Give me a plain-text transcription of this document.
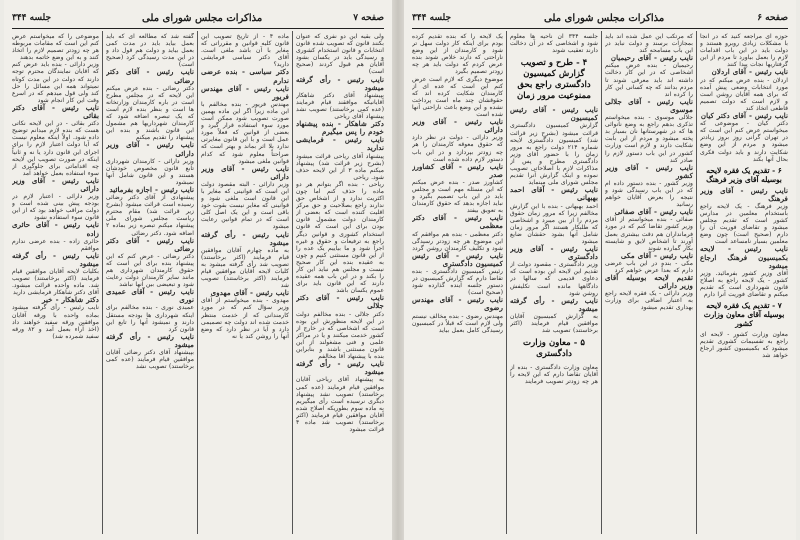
صفحه ۷
مذاکرات مجلس شورای ملی
جلسه ۳۴۴
ولی بقیه این دو نفری که عنوان بکنند قانون که تصویب شده قانون انتخابات و قانون استخدام کشوری و رسیدگی باید در یکسان بشود آقایان هم قبول کردند (صحیح است)
نایب رئیس - رأی گرفته میشود
بپیشنهاد آقای دکتر شاهکار آقایانیکه موافقند قیام فرمایند (عده کمی برخاستند) تصویب نشد پیشنهاد آقای ریاحی
دکتر شاهکار - بنده پیشنهاد خودم را پس میگیرم
نایب رئیس - فرمایشی ندارید
پیشنهاد آقای ریاحی قرائت میشود (بشرح زیر قرائت شد) پیشنهاد میکنم ماده ۳ از این لایحه حذف شود. ریاحی
ریاحی - بنده اگر بتوانم هر دو ماده را حذف کنم اما چون اکثریت ندارد و از اشخاص حق ندارند راجع بصلاحیت و حق مرکز اقلیت کننده است که بعضی از کارمندان دولت مشمول قانون بودن برای این است که قانون استخدام کشوری و قوانین دیگر راجع به ترفیعات و حقوق و غیره اجرا شود و ما بیاییم یک عده را از این قانون مستثنی کنیم و چون به عقیده بنده این کار صحیح نیست و مجلس هم نباید این کار را بکند و در این باب همه عقیده دارند که این قانون باید برای عموم یکسان باشد
نایب رئیس - آقای دکتر جلالی
دکتر جلالی - بنده مخالفم دولت در این لایحه منظورش این بوده است که اشخاصی که در خارج از کشور خدمت میکنند و یا در مراکز علمی و فنی مشغولند از این قانون مستثنی باشند و بنابراین بنده با پیشنهاد آقا مخالفم
نایب رئیس - رأی گرفته میشود
به پیشنهاد آقای ریاحی آقایان موافقین قیام فرمایند (عده کمی برخاستند) تصویب نشد پیشنهاد دیگری نرسیده است رأی میگیریم به ماده سوم بطوریکه اصلاح شده آقایان موافقین قیام فرمایند (اکثر برخاستند) تصویب شد ماده ۴ قرائت میشود
ماده ۴ - از تاریخ تصویب این قانون کلیه قوانین و مقرراتی که مغایر با آن باشد ملغی است. آقای دکتر سیاسی فرمایشی دارید؟
دکتر سیاسی - بنده عرضی ندارم
نایب رئیس - آقای مهندس فریور
مهندس فریور - بنده مخالفم با این ماده زیرا اگر این ماده بهمین صورت تصویب شود ممکن است مورد سوء استفاده قرار گیرد و بعضی از قوانین که فعلاً مورد عمل است و با این قانون مغایرتی ندارد بلا اثر بماند و بهتر است که صراحتاً معلوم شود که کدام قوانین ملغی میشود
نایب رئیس - آقای وزیر دارائی
وزیر دارائی - البته مقصود دولت این است که قوانینی که مغایر با این قانون است ملغی شود و قوانینی که مغایر نیست بقوت خود باقی است و این یک اصل کلی است که در تمام قوانین رعایت میشود
نایب رئیس - رأی گرفته میشود
به ماده چهارم آقایان موافقین قیام فرمایند (اکثر برخاستند) تصویب شد رأی گرفته میشود به کلیات لایحه آقایان موافقین قیام فرمایند (اکثر برخاستند) تصویب شد
نایب رئیس - آقای مهدوی
مهدوی - بنده میخواستم از آقای وزیر سؤال کنم که در مورد کارمندانی که از خدمت منتظر خدمت شده اند دولت چه تصمیمی دارد و آیا در نظر دارد که وضع آنها را روشن کند یا نه
گفته شد که مطالعه ای که باید بعمل بیاید باید در مدت کمی بعمل بیاید و دولت هم قول داد و در این مدت رسیدگی کرد (صحیح است)
نایب رئیس - آقای دکتر رضائی
دکتر رضائی - بنده عرض میکنم این لایحه که در مجلس مطرح است در باره کارمندان وزارتخانه ها است و بنظر بنده لازم است که یک تبصره اضافه شود که کارمندان شهرداریها هم مشمول این قانون باشند و بنده این پیشنهاد را تقدیم میکنم
نایب رئیس - آقای وزیر دارائی
وزیر دارائی - کارمندان شهرداری تابع قانون مخصوص خودشان هستند و این قانون شامل آنها نمیشود
نایب رئیس - اجازه بفرمائید
پیشنهادی از آقای دکتر رضائی رسیده است قرائت میشود (بشرح زیر قرائت شد) مقام محترم ریاست مجلس شورای ملی پیشنهاد میکنم تبصره زیر بماده ۲ اضافه شود. دکتر رضائی
نایب رئیس - آقای دکتر رضائی
دکتر رضائی - عرض کنم که این پیشنهاد بنده برای این است که حقوق کارمندان شهرداری هم مانند سایر کارمندان دولت رعایت شود و تبعیضی بین آنها نباشد
نایب رئیس - آقای عمیدی نوری
عمیدی نوری - بنده مخالفم برای اینکه شهرداری ها بودجه مستقل دارند و نمیشود آنها را تابع این قانون کرد
نایب رئیس - رأی گرفته میشود
بپیشنهاد آقای دکتر رضائی آقایان موافقین قیام فرمایند (عده کمی برخاستند) تصویب نشد
موضوعی را که میخواستم عرض کنم این است که مقامات مربوطه هر چه زودتر تصمیم لازم را اتخاذ کنند و به این وضع خاتمه بدهند
وزیر دارائی - بنده باید عرض کنم که آقایان نمایندگان محترم توجه دارند که دولت در این مدت کوتاه نمیتواند همه این مسائل را حل کند ولی قول میدهم که در اسرع وقت این کار انجام شود
نایب رئیس - آقای دکتر بقائی
دکتر بقائی - در این لایحه نکاتی هست که بنده لازم میدانم توضیح داده شود. اولاً اینکه معلوم نیست که آیا دولت اعتبار لازم را برای اجرای این قانون دارد یا نه و ثانیاً اینکه در صورت تصویب این لایحه چه اقداماتی برای جلوگیری از سوء استفاده بعمل خواهد آمد
نایب رئیس - آقای وزیر دارائی
وزیر دارائی - اعتبار لازم در بودجه پیش بینی شده است و دولت مراقب خواهد بود که از این قانون سوء استفاده نشود
نایب رئیس - آقای حائری زاده
حائری زاده - بنده عرضی ندارم موافقم
نایب رئیس - رأی گرفته میشود
بکلیات لایحه آقایان موافقین قیام فرمایند (اکثر برخاستند) تصویب شد. ماده واحده قرائت میشود. آقای دکتر شاهکار فرمایشی دارید
دکتر شاهکار - خیر
نایب رئیس - رأی گرفته میشود بماده واحده با ورقه آقایان موافقین ورقه سفید خواهند داد (اخذ آراء بعمل آمد و ۸۲ ورقه سفید شمرده شد)
صفحه ۶
مذاکرات مجلس شورای ملی
جلسه ۳۴۴
حوزه ای مراجعه کنید که در آنجا با مشکلات زیادی روبرو هستند و دولت باید در این باب اقدامات لازم را بعمل بیاورد تا مردم از این گرفتاریها نجات پیدا کنند
نایب رئیس - آقای اردلان
اردلان - بنده عرض میکنم که در مورد انتخابات وضعی پیش آمده که برای همه آقایان روشن است و لازم است که دولت تصمیم قاطعی اتخاذ کند
نایب رئیس - آقای دکتر کیان
دکتر کیان - موضوعی که میخواستم عرض کنم این است که در تهران گرانی روز بروز زیادتر میشود و مردم از این وضع شکایت دارند و باید دولت فکری بحال آنها بکند
۶ - تقدیم یک فقره لایحه بوسیله آقای وزیر فرهنگ
نایب رئیس - آقای وزیر فرهنگ
وزیر فرهنگ - یک لایحه راجع باستخدام معلمین در مدارس کشور است که تقدیم مجلس میشود و تقاضای فوریت آن را دارم (صحیح است) چون وضع معلمین بسیار نامساعد است
نایب رئیس - لایحه بکمیسیون فرهنگ ارجاع میشود
آقای وزیر کشور بفرمائید. وزیر کشور - یک لایحه راجع به اصلاح قانون شهرداری است که تقدیم میکنم و تقاضای فوریت آنرا دارم
۷ - تقدیم یک فقره لایحه بوسیله آقای معاون وزارت کشور
معاون وزارت کشور - لایحه ای راجع به تقسیمات کشوری تقدیم میشود که بکمیسیون کشور ارجاع خواهد شد
که مرتکب این عمل شده اند باید بمجازات برسند و دولت نباید در این باب مسامحه کند
نایب رئیس - آقای رحیمیان
رحیمیان - بنده عرض میکنم اشخاصی که در این کار دخالت داشته اند باید معرفی شوند تا مردم بدانند که چه کسانی این کار را کرده اند
نایب رئیس - آقای جلالی موسوی
جلالی موسوی - بنده میخواستم تذکری بدهم راجع به وضع نانوائی ها که در شهرستانها نان بسیار بد پخته میشود و مردم از این بابت شکایت دارند و لازم است وزارت کشور در این باب دستور لازم را صادر کند
نایب رئیس - آقای وزیر کشور
وزیر کشور - بنده دستور داده ام که در این باب رسیدگی شود و نتیجه را بعرض آقایان خواهم رسانید
نایب رئیس - آقای صفائی
صفائی - بنده میخواستم از آقای وزیر کشور تقاضا کنم که در مورد فرمانداران هم دقت بیشتری بعمل آورند تا اشخاص لایق و شایسته بکار گمارده شوند
نایب رئیس - آقای مکی
مکی - بنده در این باب عرضی دارم که بعداً عرض خواهم کرد
تقدیم لایحه بوسیله آقای وزیر دارائی
وزیر دارائی - یک فقره لایحه راجع به اعتبار اضافی برای وزارت بهداری تقدیم میشود
جلسه ۳۴۴ آن ناحیه ها معلوم شود و اشخاصی که در آن دخالت دارند تعقیب شوند
۴ - طرح و تصویب گزارش کمیسیون دادگستری راجع بحق ممنوعیت مرور زمان
نایب رئیس - آقای رئیس کمیسیون
گزارش کمیسیون دادگستری قرائت میشود (بشرح زیر قرائت شد) کمیسیون دادگستری لایحه شماره ۲۱۴ دولت راجع به مرور زمان را با حضور آقای وزیر دادگستری مطرح و پس از مذاکرات لازم با اصلاحاتی تصویب نموده و اینک گزارش آنرا تقدیم مجلس شورای ملی مینماید
نایب رئیس - آقای احمد بهبهانی
احمد بهبهانی - بنده با این گزارش مخالفم زیرا که مرور زمان حقوق مردم را از بین میبرد و اشخاصی که طلبکار هستند اگر مرور زمان شامل آنها بشود حقشان ضایع میشود
نایب رئیس - آقای وزیر دادگستری
وزیر دادگستری - مقصود دولت از تقدیم این لایحه این بوده است که دعاوی قدیمی که سالها در دادگاهها مانده است تکلیفش روشن شود
نایب رئیس - رأی گرفته میشود
به گزارش کمیسیون آقایان موافقین قیام فرمایند (اکثر برخاستند) تصویب شد
۵ - معاون وزارت دادگستری
معاون وزارت دادگستری - بنده از آقایان تقاضا دارم که این لایحه را هر چه زودتر تصویب فرمایند
یک لایحه را که بنده تقدیم کرده بودم برای اینکه کار دولت سهل تر شود و کارمندان از این وضع ناراحتی که دارند خلاص شوند بنده عرض کردم که دولت باید هر چه زودتر تصمیم بگیرد
موضوع دیگری که لازم است عرض کنم این است که عده ای از کارمندان شکایت کرده اند که حقوقشان چند ماه است پرداخت نشده و این وضع باعث ناراحتی آنها شده است
نایب رئیس - آقای وزیر دارائی
وزیر دارائی - دولت در نظر دارد که حقوق معوقه کارمندان را هر چه زودتر بپردازد و در این باب دستور لازم داده شده است
نایب رئیس - آقای کشاورز صدر
کشاورز صدر - بنده عرض میکنم که این مسئله مهم است و مجلس باید در این باب تصمیم بگیرد و نباید اجازه بدهد که حقوق کارمندان به تعویق بیفتد
نایب رئیس - آقای دکتر معظمی
دکتر معظمی - بنده هم موافقم که این موضوع هر چه زودتر رسیدگی شود و تکلیف کارمندان روشن گردد
نایب رئیس - آقای رئیس کمیسیون دادگستری
رئیس کمیسیون دادگستری - بنده تقاضا دارم که گزارش کمیسیون در دستور جلسه آینده گذارده شود (صحیح است)
نایب رئیس - آقای مهندس رضوی
مهندس رضوی - بنده مخالف نیستم ولی لازم است که قبلاً در کمیسیون رسیدگی کامل بعمل بیاید
